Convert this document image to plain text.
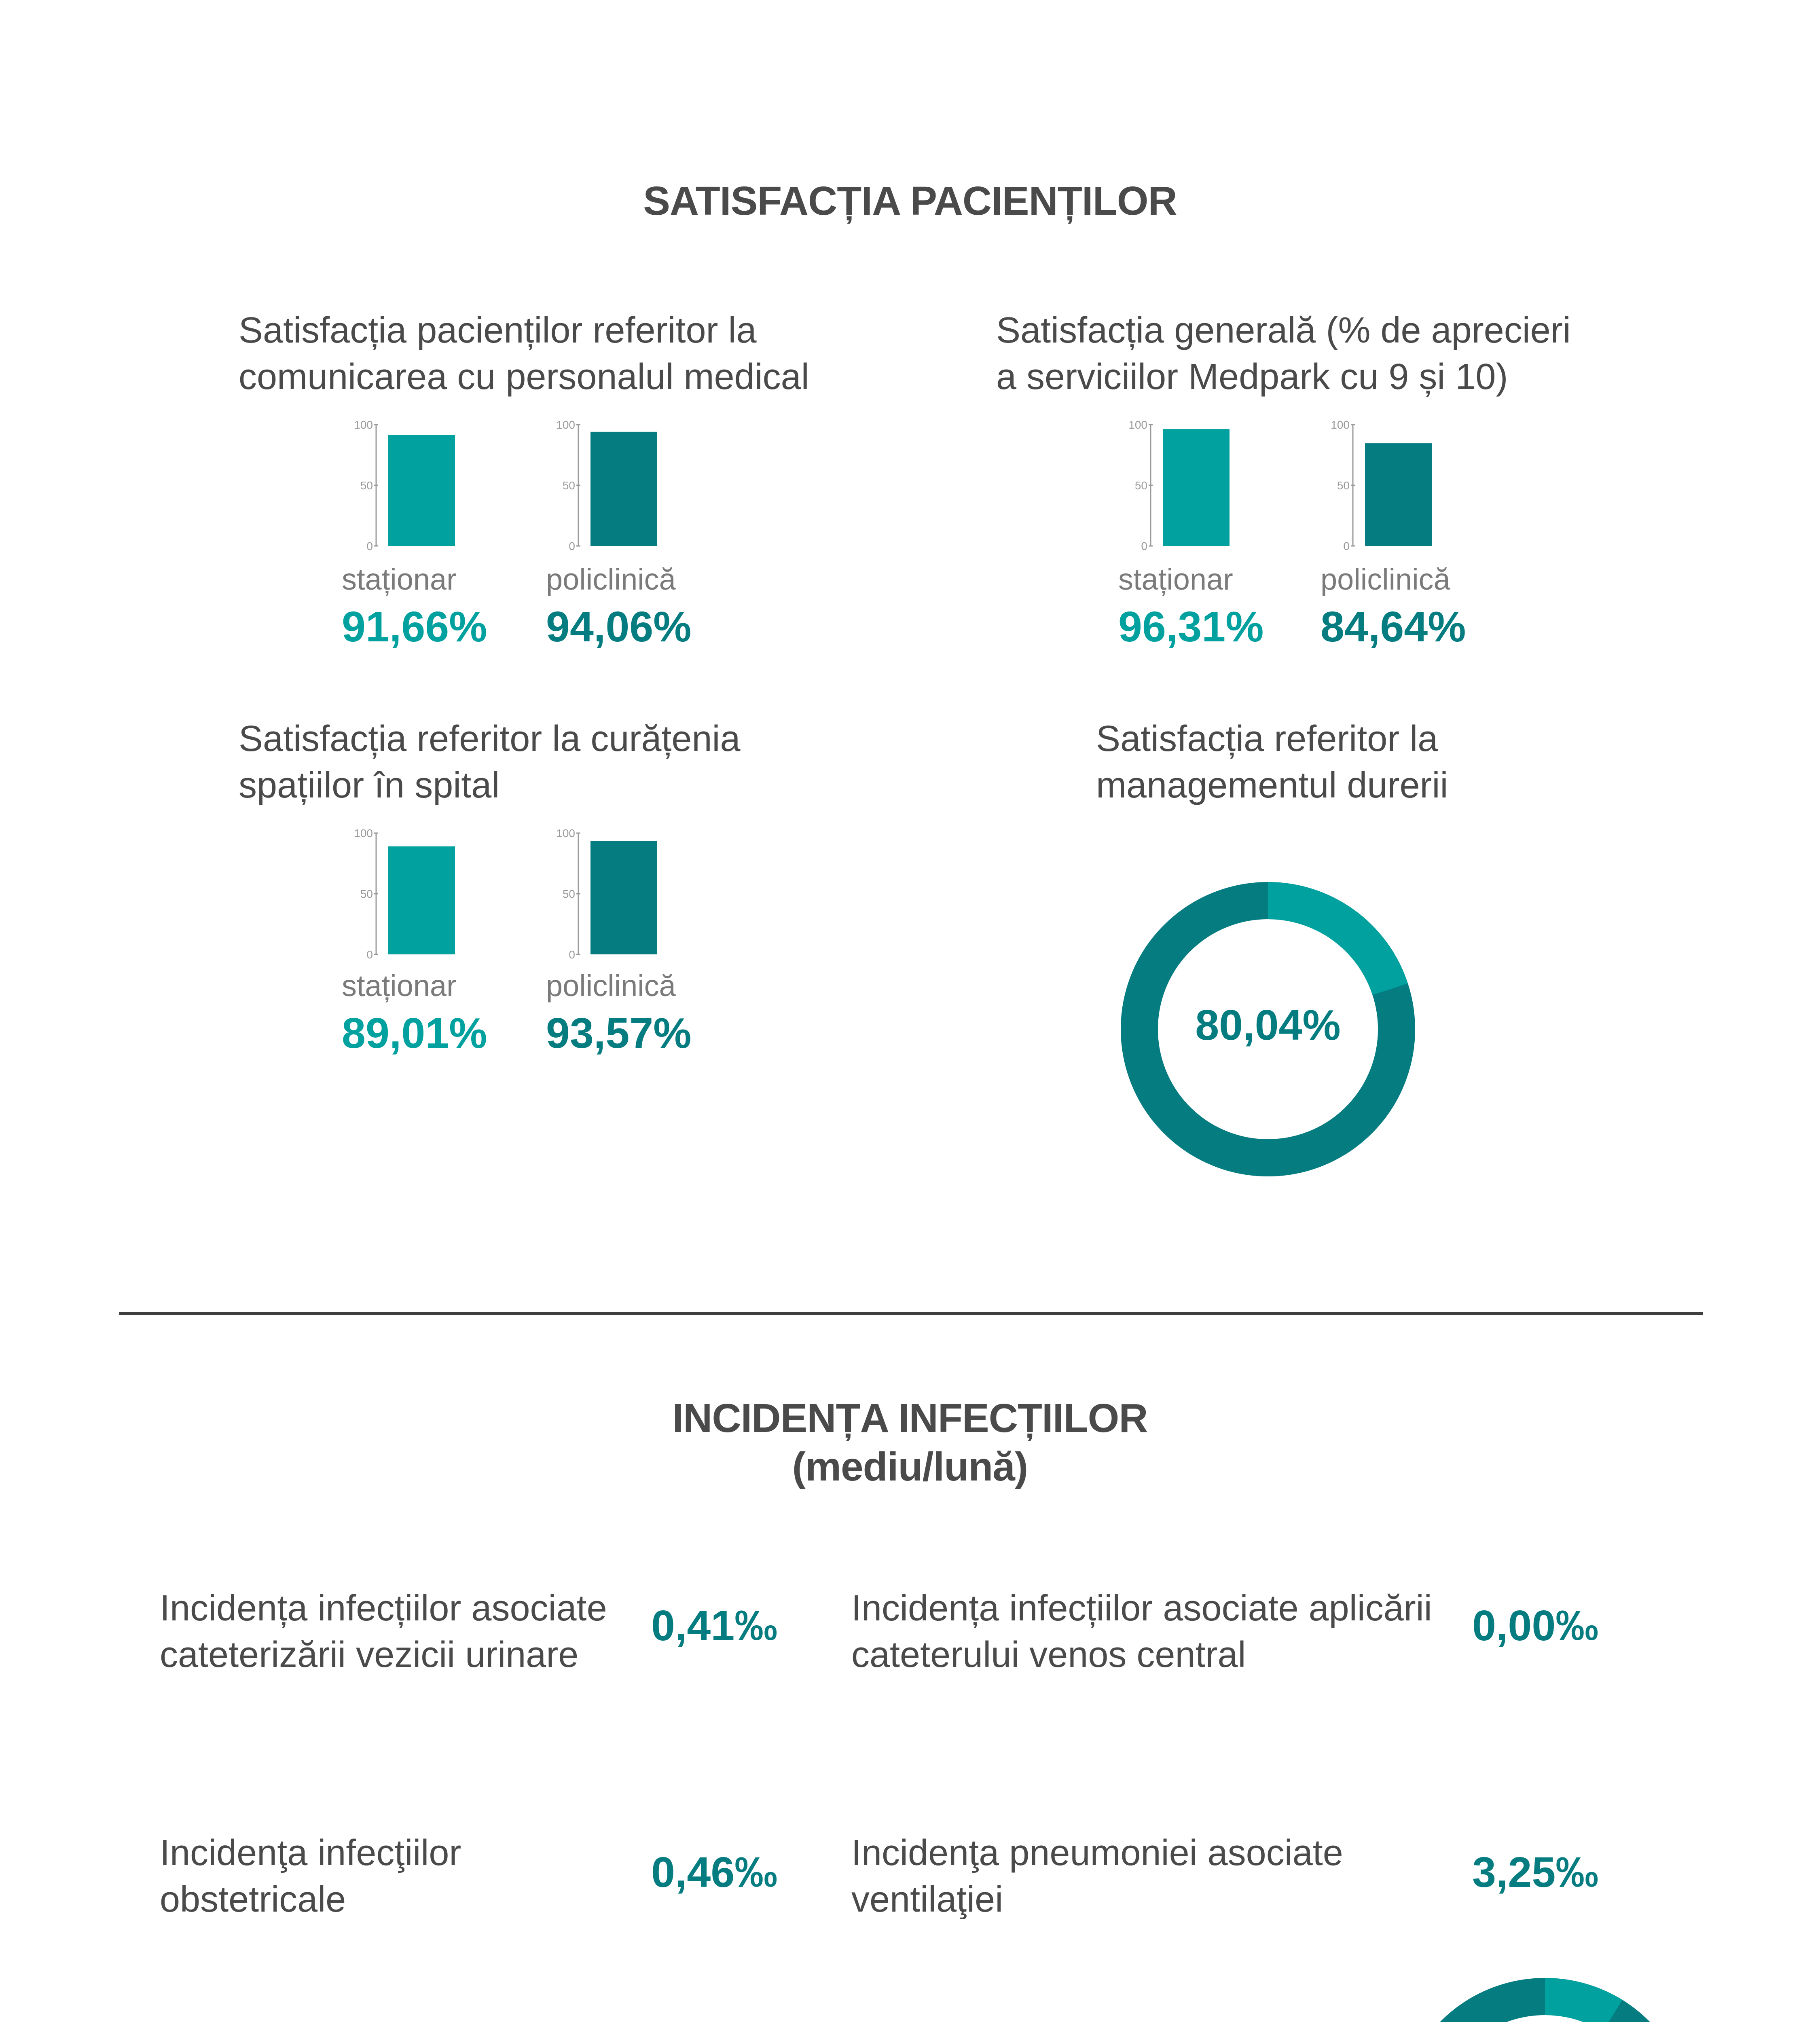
SATISFACȚIA PACIENȚILOR
Satisfacția pacienților referitor la
comunicarea cu personalul medical
100
50
0
100
50
0
staționar	policlinică
91,66% 94,06%
Satisfacția generală (% de aprecieri
a serviciilor Medpark cu 9 și 10)
100
50
0
100
50
0
staționar	policlinică
96,31% 84,64%
Satisfacția referitor la curățenia
spațiilor în spital
100
50
0
100
50
0
staționar	policlinică
89,01% 93,57%
Satisfacția referitor la
managementul durerii
80,04%
INCIDENȚA INFECȚIILOR
(mediu/lună)
Incidența infecțiilor asociate
cateterizării vezicii urinare
0,41‰ Incidența infecțiilor asociate aplicării
cateterului venos central
0,00‰
Incidenţa infecţiilor
obstetricale
0,46‰ Incidenţa pneumoniei asociate
ventilaţiei
3,25‰
